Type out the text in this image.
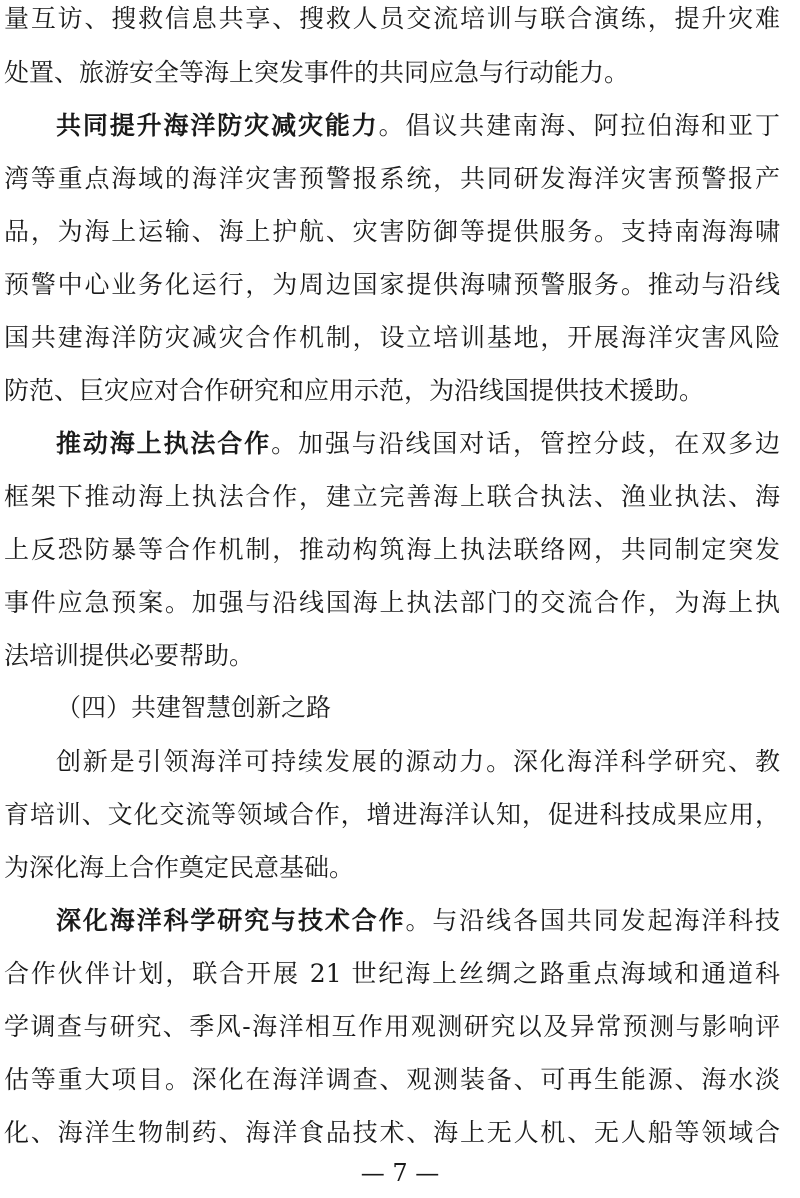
量互访、搜救信息共享、搜救人员交流培训与联合演练，提升灾难
处置、旅游安全等海上突发事件的共同应急与行动能力。
共同提升海洋防灾减灾能力。倡议共建南海、阿拉伯海和亚丁
湾等重点海域的海洋灾害预警报系统，共同研发海洋灾害预警报产
品，为海上运输、海上护航、灾害防御等提供服务。支持南海海啸
预警中心业务化运行，为周边国家提供海啸预警服务。推动与沿线
国共建海洋防灾减灾合作机制，设立培训基地，开展海洋灾害风险
防范、巨灾应对合作研究和应用示范，为沿线国提供技术援助。
推动海上执法合作。加强与沿线国对话，管控分歧，在双多边
框架下推动海上执法合作，建立完善海上联合执法、渔业执法、海
上反恐防暴等合作机制，推动构筑海上执法联络网，共同制定突发
事件应急预案。加强与沿线国海上执法部门的交流合作，为海上执
法培训提供必要帮助。
（四）共建智慧创新之路
创新是引领海洋可持续发展的源动力。深化海洋科学研究、教
育培训、文化交流等领域合作，增进海洋认知，促进科技成果应用，
为深化海上合作奠定民意基础。
深化海洋科学研究与技术合作。与沿线各国共同发起海洋科技
合作伙伴计划，联合开展 21 世纪海上丝绸之路重点海域和通道科
学调查与研究、季风-海洋相互作用观测研究以及异常预测与影响评
估等重大项目。深化在海洋调查、观测装备、可再生能源、海水淡
化、海洋生物制药、海洋食品技术、海上无人机、无人船等领域合
— 7 —
